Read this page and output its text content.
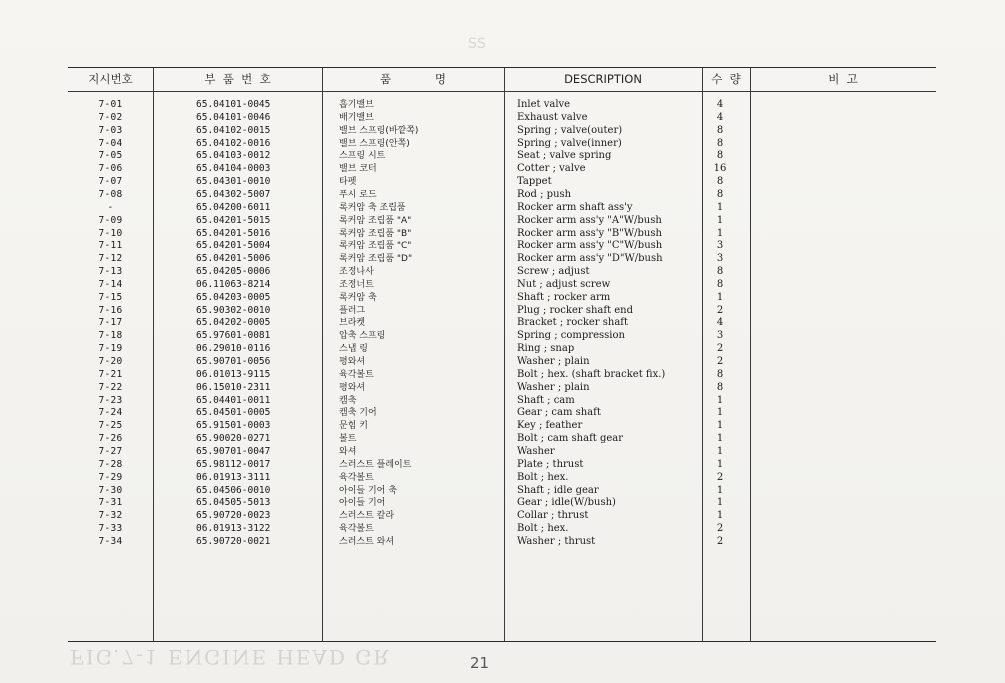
SS
지시번호	부  품  번  호	품            명	DESCRIPTION	수  량	비  고
7-01	65.04101-0045	흡기밸브	Inlet valve	4
7-02	65.04101-0046	배기밸브	Exhaust valve	4
7-03	65.04102-0015	밸브 스프링(바깥쪽)	Spring ; valve(outer)	8
7-04	65.04102-0016	밸브 스프링(안쪽)	Spring ; valve(inner)	8
7-05	65.04103-0012	스프링 시트	Seat ; valve spring	8
7-06	65.04104-0003	밸브 코터	Cotter ; valve	16
7-07	65.04301-0010	타펫	Tappet	8
7-08	65.04302-5007	푸시 로드	Rod ; push	8
-	65.04200-6011	록커암 축 조립품	Rocker arm shaft ass'y	1
7-09	65.04201-5015	록커암 조립품 "A"	Rocker arm ass'y "A"W/bush	1
7-10	65.04201-5016	록커암 조립품 "B"	Rocker arm ass'y "B"W/bush	1
7-11	65.04201-5004	록커암 조립품 "C"	Rocker arm ass'y "C"W/bush	3
7-12	65.04201-5006	록커암 조립품 "D"	Rocker arm ass'y "D"W/bush	3
7-13	65.04205-0006	조정나사	Screw ; adjust	8
7-14	06.11063-8214	조정너트	Nut ; adjust screw	8
7-15	65.04203-0005	록커암 축	Shaft ; rocker arm	1
7-16	65.90302-0010	플러그	Plug ; rocker shaft end	2
7-17	65.04202-0005	브라켓	Bracket ; rocker shaft	4
7-18	65.97601-0081	압축 스프링	Spring ; compression	3
7-19	06.29010-0116	스냅 링	Ring ; snap	2
7-20	65.90701-0056	평와셔	Washer ; plain	2
7-21	06.01013-9115	육각볼트	Bolt ; hex. (shaft bracket fix.)	8
7-22	06.15010-2311	평와셔	Washer ; plain	8
7-23	65.04401-0011	캠축	Shaft ; cam	1
7-24	65.04501-0005	캠축 기어	Gear ; cam shaft	1
7-25	65.91501-0003	문힘 키	Key ; feather	1
7-26	65.90020-0271	볼트	Bolt ; cam shaft gear	1
7-27	65.90701-0047	와셔	Washer	1
7-28	65.98112-0017	스러스트 플레이트	Plate ; thrust	1
7-29	06.01913-3111	육각볼트	Bolt ; hex.	2
7-30	65.04506-0010	아이들 기어 축	Shaft ; idle gear	1
7-31	65.04505-5013	아이들 기어	Gear ; idle(W/bush)	1
7-32	65.90720-0023	스러스트 칼라	Collar ; thrust	1
7-33	06.01913-3122	육각볼트	Bolt ; hex.	2
7-34	65.90720-0021	스러스트 와셔	Washer ; thrust	2
FIG.7-1 ENGINE HEAD GR	21
